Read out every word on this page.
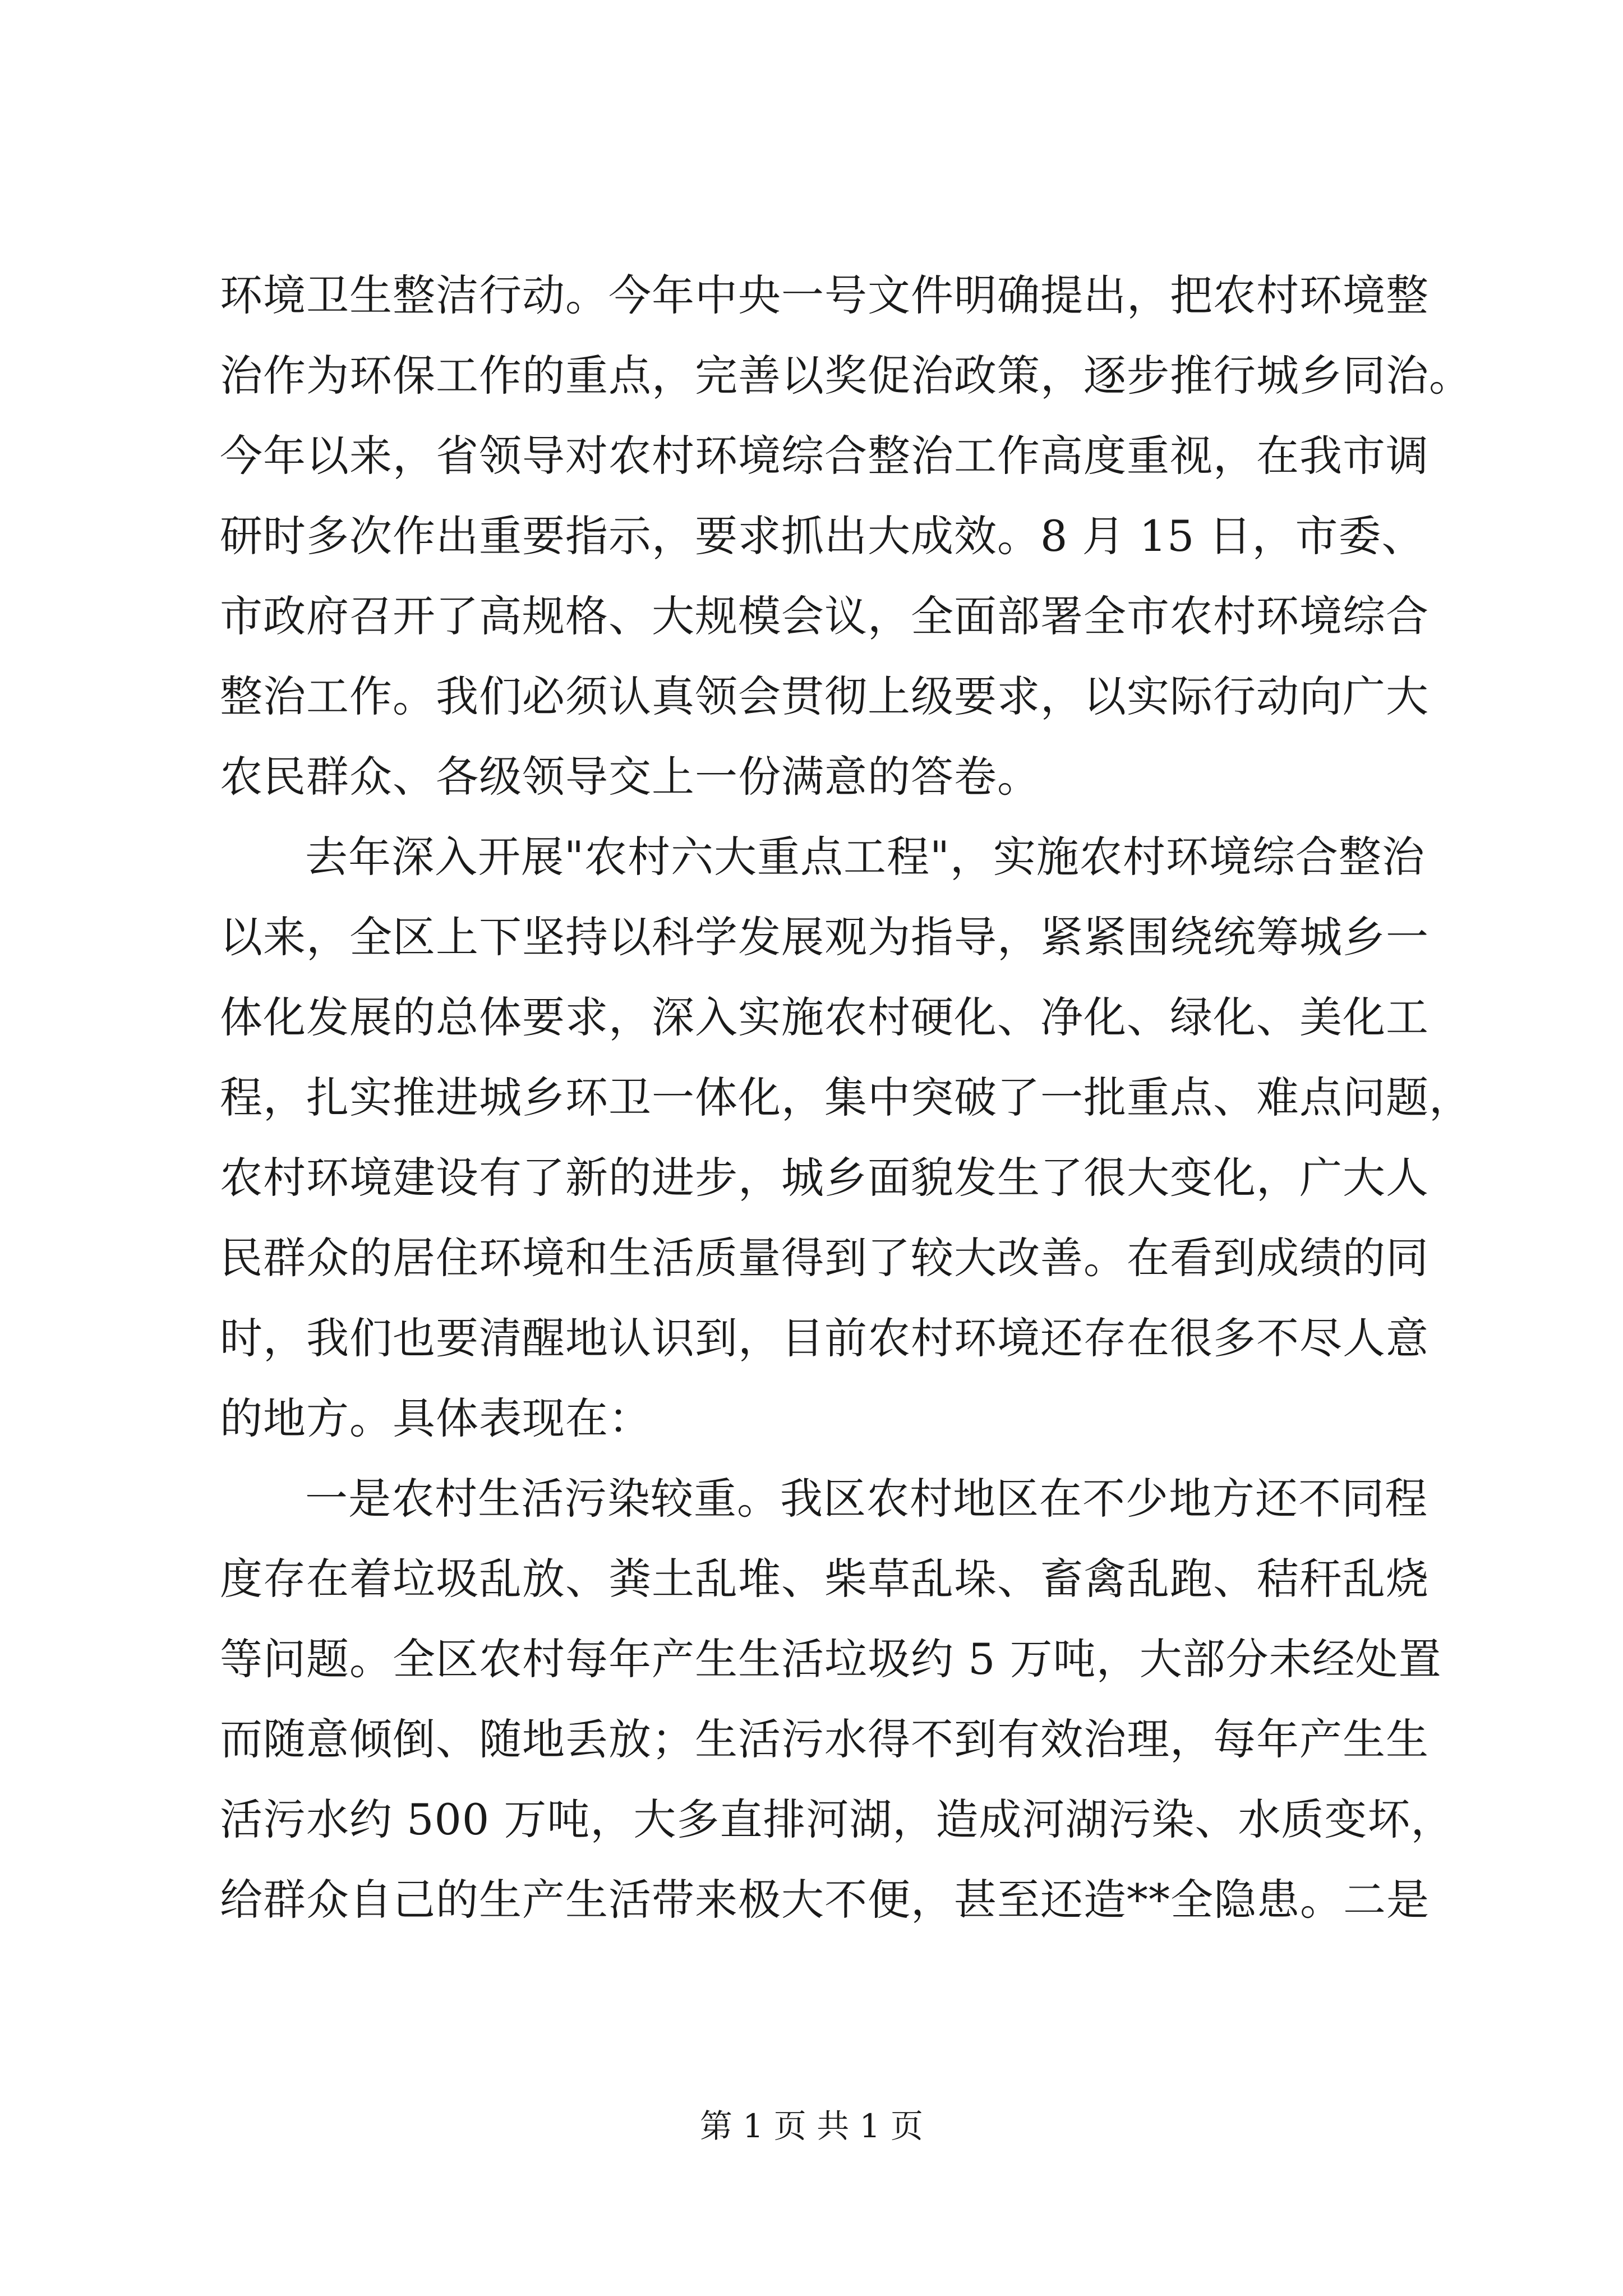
环境卫生整洁行动。今年中央一号文件明确提出，把农村环境整
治作为环保工作的重点，完善以奖促治政策，逐步推行城乡同治。
今年以来，省领导对农村环境综合整治工作高度重视，在我市调
研时多次作出重要指示，要求抓出大成效。8 月 15 日，市委、
市政府召开了高规格、大规模会议，全面部署全市农村环境综合
整治工作。我们必须认真领会贯彻上级要求，以实际行动向广大
农民群众、各级领导交上一份满意的答卷。
去年深入开展"农村六大重点工程"，实施农村环境综合整治
以来，全区上下坚持以科学发展观为指导，紧紧围绕统筹城乡一
体化发展的总体要求，深入实施农村硬化、净化、绿化、美化工
程，扎实推进城乡环卫一体化，集中突破了一批重点、难点问题，
农村环境建设有了新的进步，城乡面貌发生了很大变化，广大人
民群众的居住环境和生活质量得到了较大改善。在看到成绩的同
时，我们也要清醒地认识到，目前农村环境还存在很多不尽人意
的地方。具体表现在：
一是农村生活污染较重。我区农村地区在不少地方还不同程
度存在着垃圾乱放、粪土乱堆、柴草乱垛、畜禽乱跑、秸秆乱烧
等问题。全区农村每年产生生活垃圾约 5 万吨，大部分未经处置
而随意倾倒、随地丢放；生活污水得不到有效治理，每年产生生
活污水约 500 万吨，大多直排河湖，造成河湖污染、水质变坏，
给群众自己的生产生活带来极大不便，甚至还造**全隐患。二是
第 1 页 共 1 页
